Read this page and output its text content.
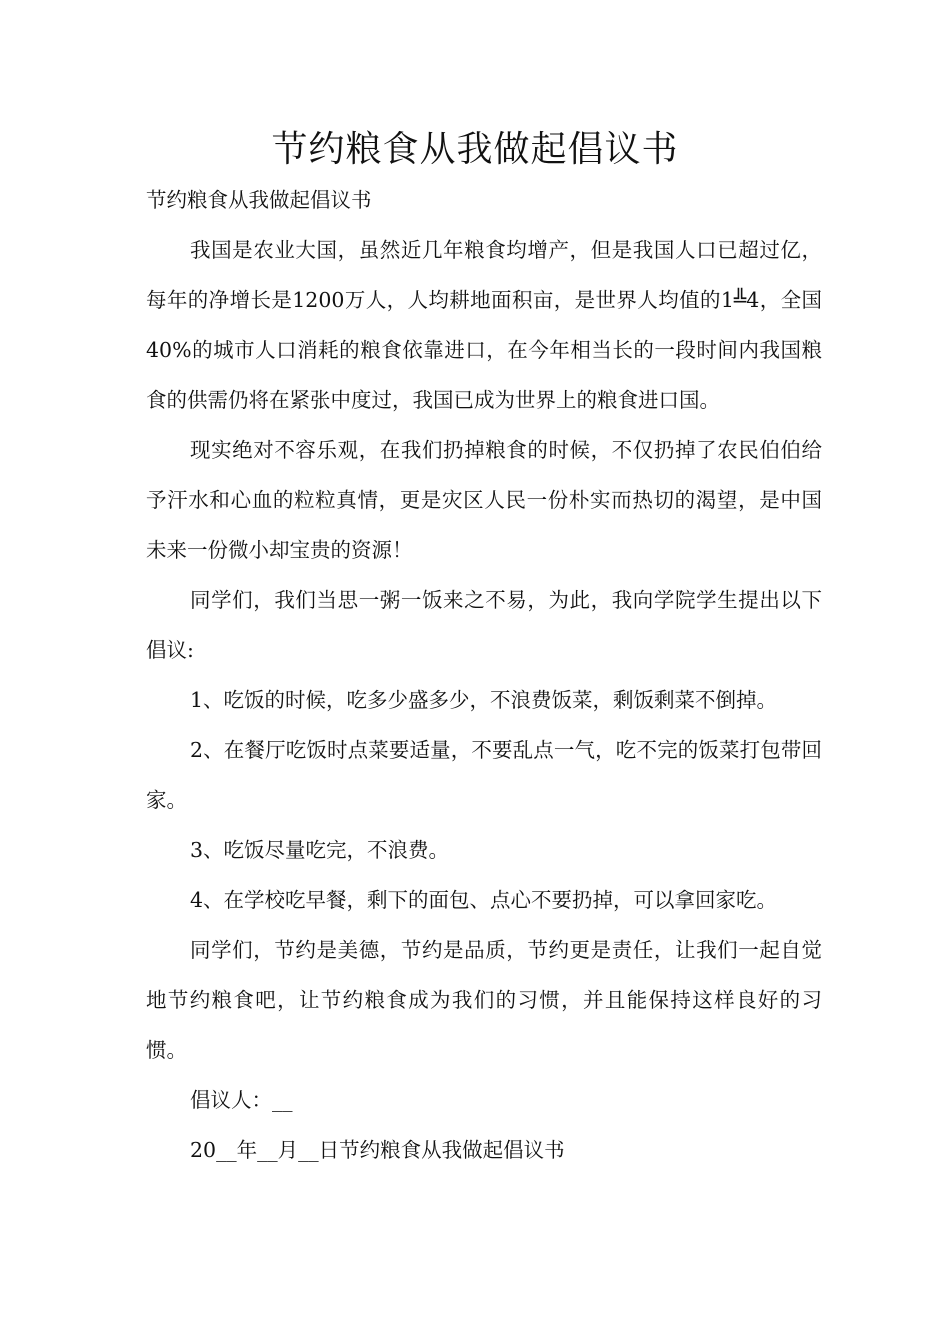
节约粮食从我做起倡议书

节约粮食从我做起倡议书

我国是农业大国，虽然近几年粮食均增产，但是我国人口已超过亿，每年的净增长是1200万人，人均耕地面积亩，是世界人均值的1╩4，全国40%的城市人口消耗的粮食依靠进口，在今年相当长的一段时间内我国粮食的供需仍将在紧张中度过，我国已成为世界上的粮食进口国。

现实绝对不容乐观，在我们扔掉粮食的时候，不仅扔掉了农民伯伯给予汗水和心血的粒粒真情，更是灾区人民一份朴实而热切的渴望，是中国未来一份微小却宝贵的资源！

同学们，我们当思一粥一饭来之不易，为此，我向学院学生提出以下倡议:

1、吃饭的时候，吃多少盛多少，不浪费饭菜，剩饭剩菜不倒掉。

2、在餐厅吃饭时点菜要适量，不要乱点一气，吃不完的饭菜打包带回家。

3、吃饭尽量吃完，不浪费。

4、在学校吃早餐，剩下的面包、点心不要扔掉，可以拿回家吃。

同学们，节约是美德，节约是品质，节约更是责任，让我们一起自觉地节约粮食吧，让节约粮食成为我们的习惯，并且能保持这样良好的习惯。

倡议人：__

20__年__月__日节约粮食从我做起倡议书
